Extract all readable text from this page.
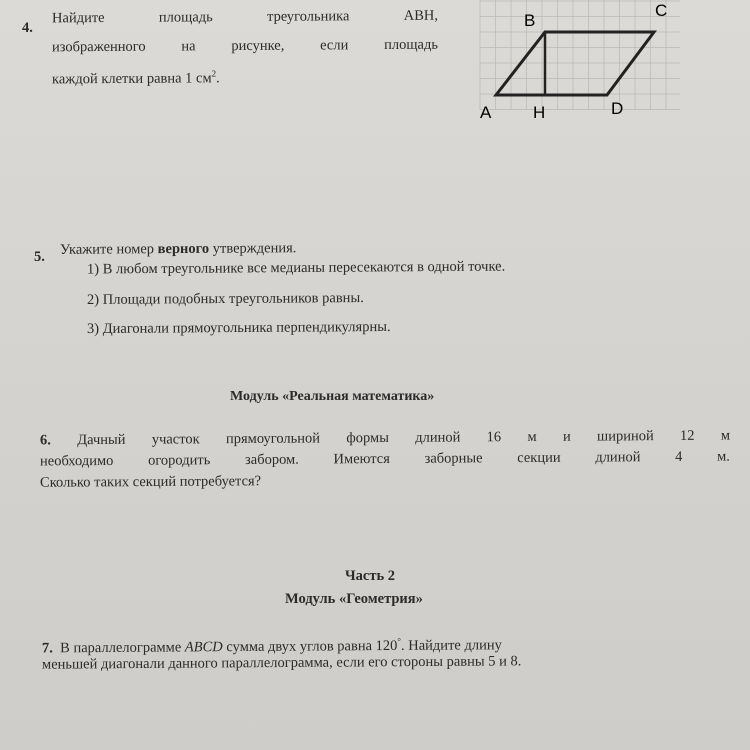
4.
Найдите	площадь	треугольника	ABH,
изображенного на рисунке, если площадь
каждой клетки равна 1 $см^2$.
A
B
C
D
H
5. Укажите номер верного утверждения.
1) В любом треугольнике все медианы пересекаются в одной точке.
2) Площади подобных треугольников равны.
3) Диагонали прямоугольника перпендикулярны.
Модуль «Реальная математика»
6. Дачный участок прямоугольной формы длиной 16 м и шириной 12 м
необходимо огородить забором. Имеются заборные секции длиной 4 м.
Сколько таких секций потребуется?
Часть 2
Модуль «Геометрия»
7. В параллелограмме ABCD сумма двух углов равна 120°. Найдите длину
меньшей диагонали данного параллелограмма, если его стороны равны 5 и 8.
